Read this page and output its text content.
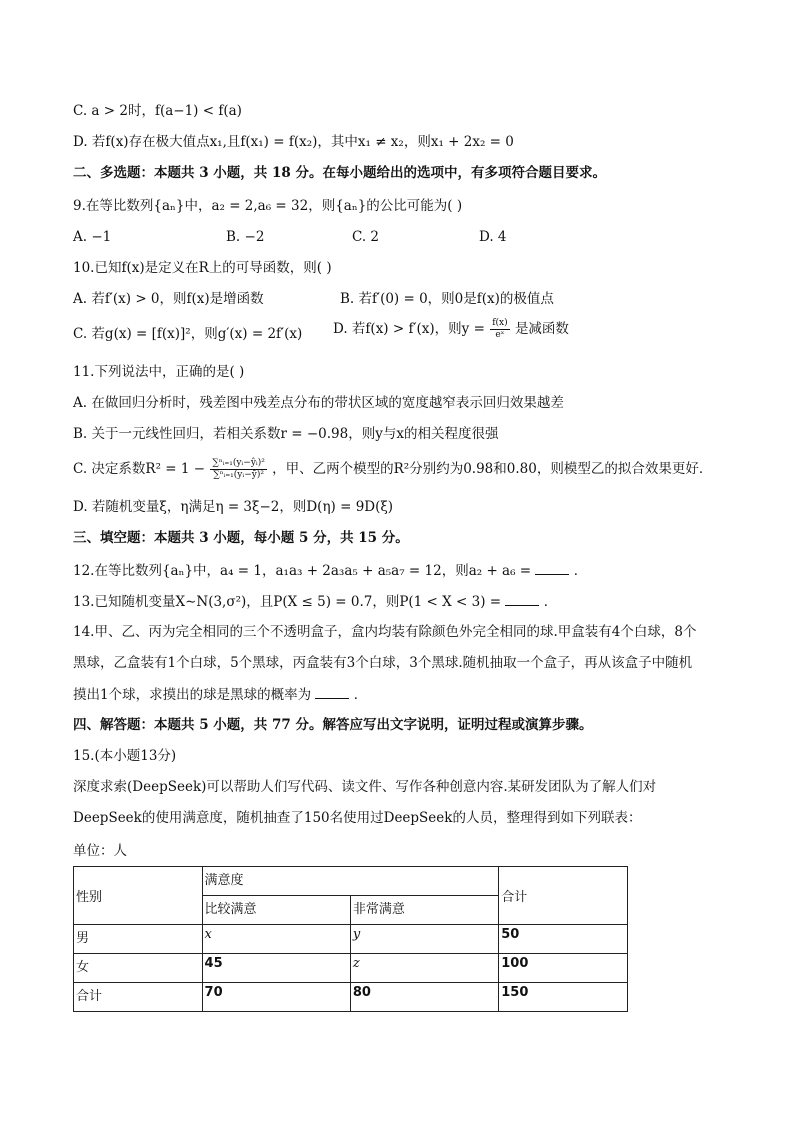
C. a > 2时，f(a−1) < f(a)
D. 若f(x)存在极大值点x₁,且f(x₁) = f(x₂)，其中x₁ ≠ x₂，则x₁ + 2x₂ = 0
二、多选题：本题共 3 小题，共 18 分。在每小题给出的选项中，有多项符合题目要求。
9.在等比数列{aₙ}中，a₂ = 2,a₆ = 32，则{aₙ}的公比可能为( )
A. −1	B. −2	C. 2	D. 4
10.已知f(x)是定义在R上的可导函数，则( )
A. 若f′(x) > 0，则f(x)是增函数	B. 若f′(0) = 0，则0是f(x)的极值点
C. 若g(x) = [f(x)]²，则g′(x) = 2f′(x) D. 若f(x) > f′(x)，则$y = \frac{f(x)}{\text{eˣ}}$ 是减函数
11.下列说法中，正确的是( )
A. 在做回归分析时，残差图中残差点分布的带状区域的宽度越窄表示回归效果越差
B. 关于一元线性回归，若相关系数r = −0.98，则y与x的相关程度很强
C. 决定系数$R^2 = 1 - \frac{\text{∑ⁿᵢ₌₁(yᵢ−ŷᵢ)²}}{\text{∑ⁿᵢ₌₁(yᵢ−ȳ)²}}$ ，甲、乙两个模型的R²分别约为0.98和0.80，则模型乙的拟合效果更好．
D. 若随机变量ξ，η满足η = 3ξ−2，则D(η) = 9D(ξ)
三、填空题：本题共 3 小题，每小题 5 分，共 15 分。
12.在等比数列{aₙ}中，a₄ = 1，a₁a₃ + 2a₃a₅ + a₅a₇ = 12，则a₂ + a₆ =	．
13.已知随机变量X∼N(3,σ²)，且P(X ≤ 5) = 0.7，则P(1 < X < 3) =	．
14.甲、乙、丙为完全相同的三个不透明盒子，盒内均装有除颜色外完全相同的球.甲盒装有4个白球，8个
黑球，乙盒装有1个白球，5个黑球，丙盒装有3个白球，3个黑球.随机抽取一个盒子，再从该盒子中随机
摸出1个球，求摸出的球是黑球的概率为	．
四、解答题：本题共 5 小题，共 77 分。解答应写出文字说明，证明过程或演算步骤。
15.(本小题13分)
深度求索(DeepSeek)可以帮助人们写代码、读文件、写作各种创意内容.某研发团队为了解人们对
DeepSeek的使用满意度，随机抽查了150名使用过DeepSeek的人员，整理得到如下列联表：
单位：人
性别	满意度		合计
	比较满意	非常满意	
男	x	y	50
女	45	z	100
合计	70	80	150
